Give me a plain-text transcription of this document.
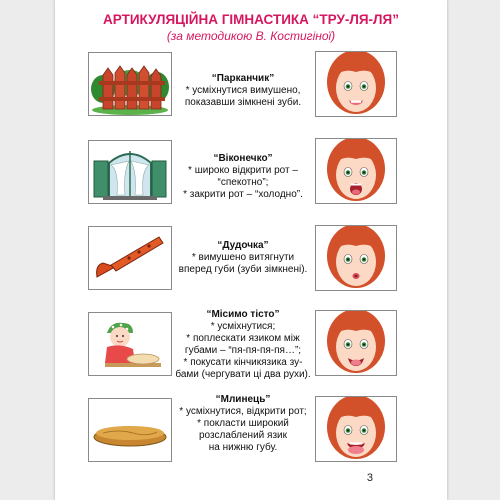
АРТИКУЛЯЦІЙНА ГІМНАСТИКА “ТРУ-ЛЯ-ЛЯ”
(за методикою В. Костигіної)
“Парканчик”
* усміхнутися вимушено,
показавши зімкнені зуби.
“Віконечко”
* широко відкрити рот –
“спекотно”;
* закрити рот – “холодно”.
“Дудочка”
* вимушено витягнути
вперед губи (зуби зімкнені).
“Місимо тісто”
* усміхнутися;
* поплескати язиком між
губами – “пя-пя-пя-пя…”;
* покусати кінчикязика зу-
бами (чергувати ці два рухи).
“Млинець”
* усміхнутися, відкрити рот;
* покласти широкий
розслаблений язик
на нижню губу.
3
